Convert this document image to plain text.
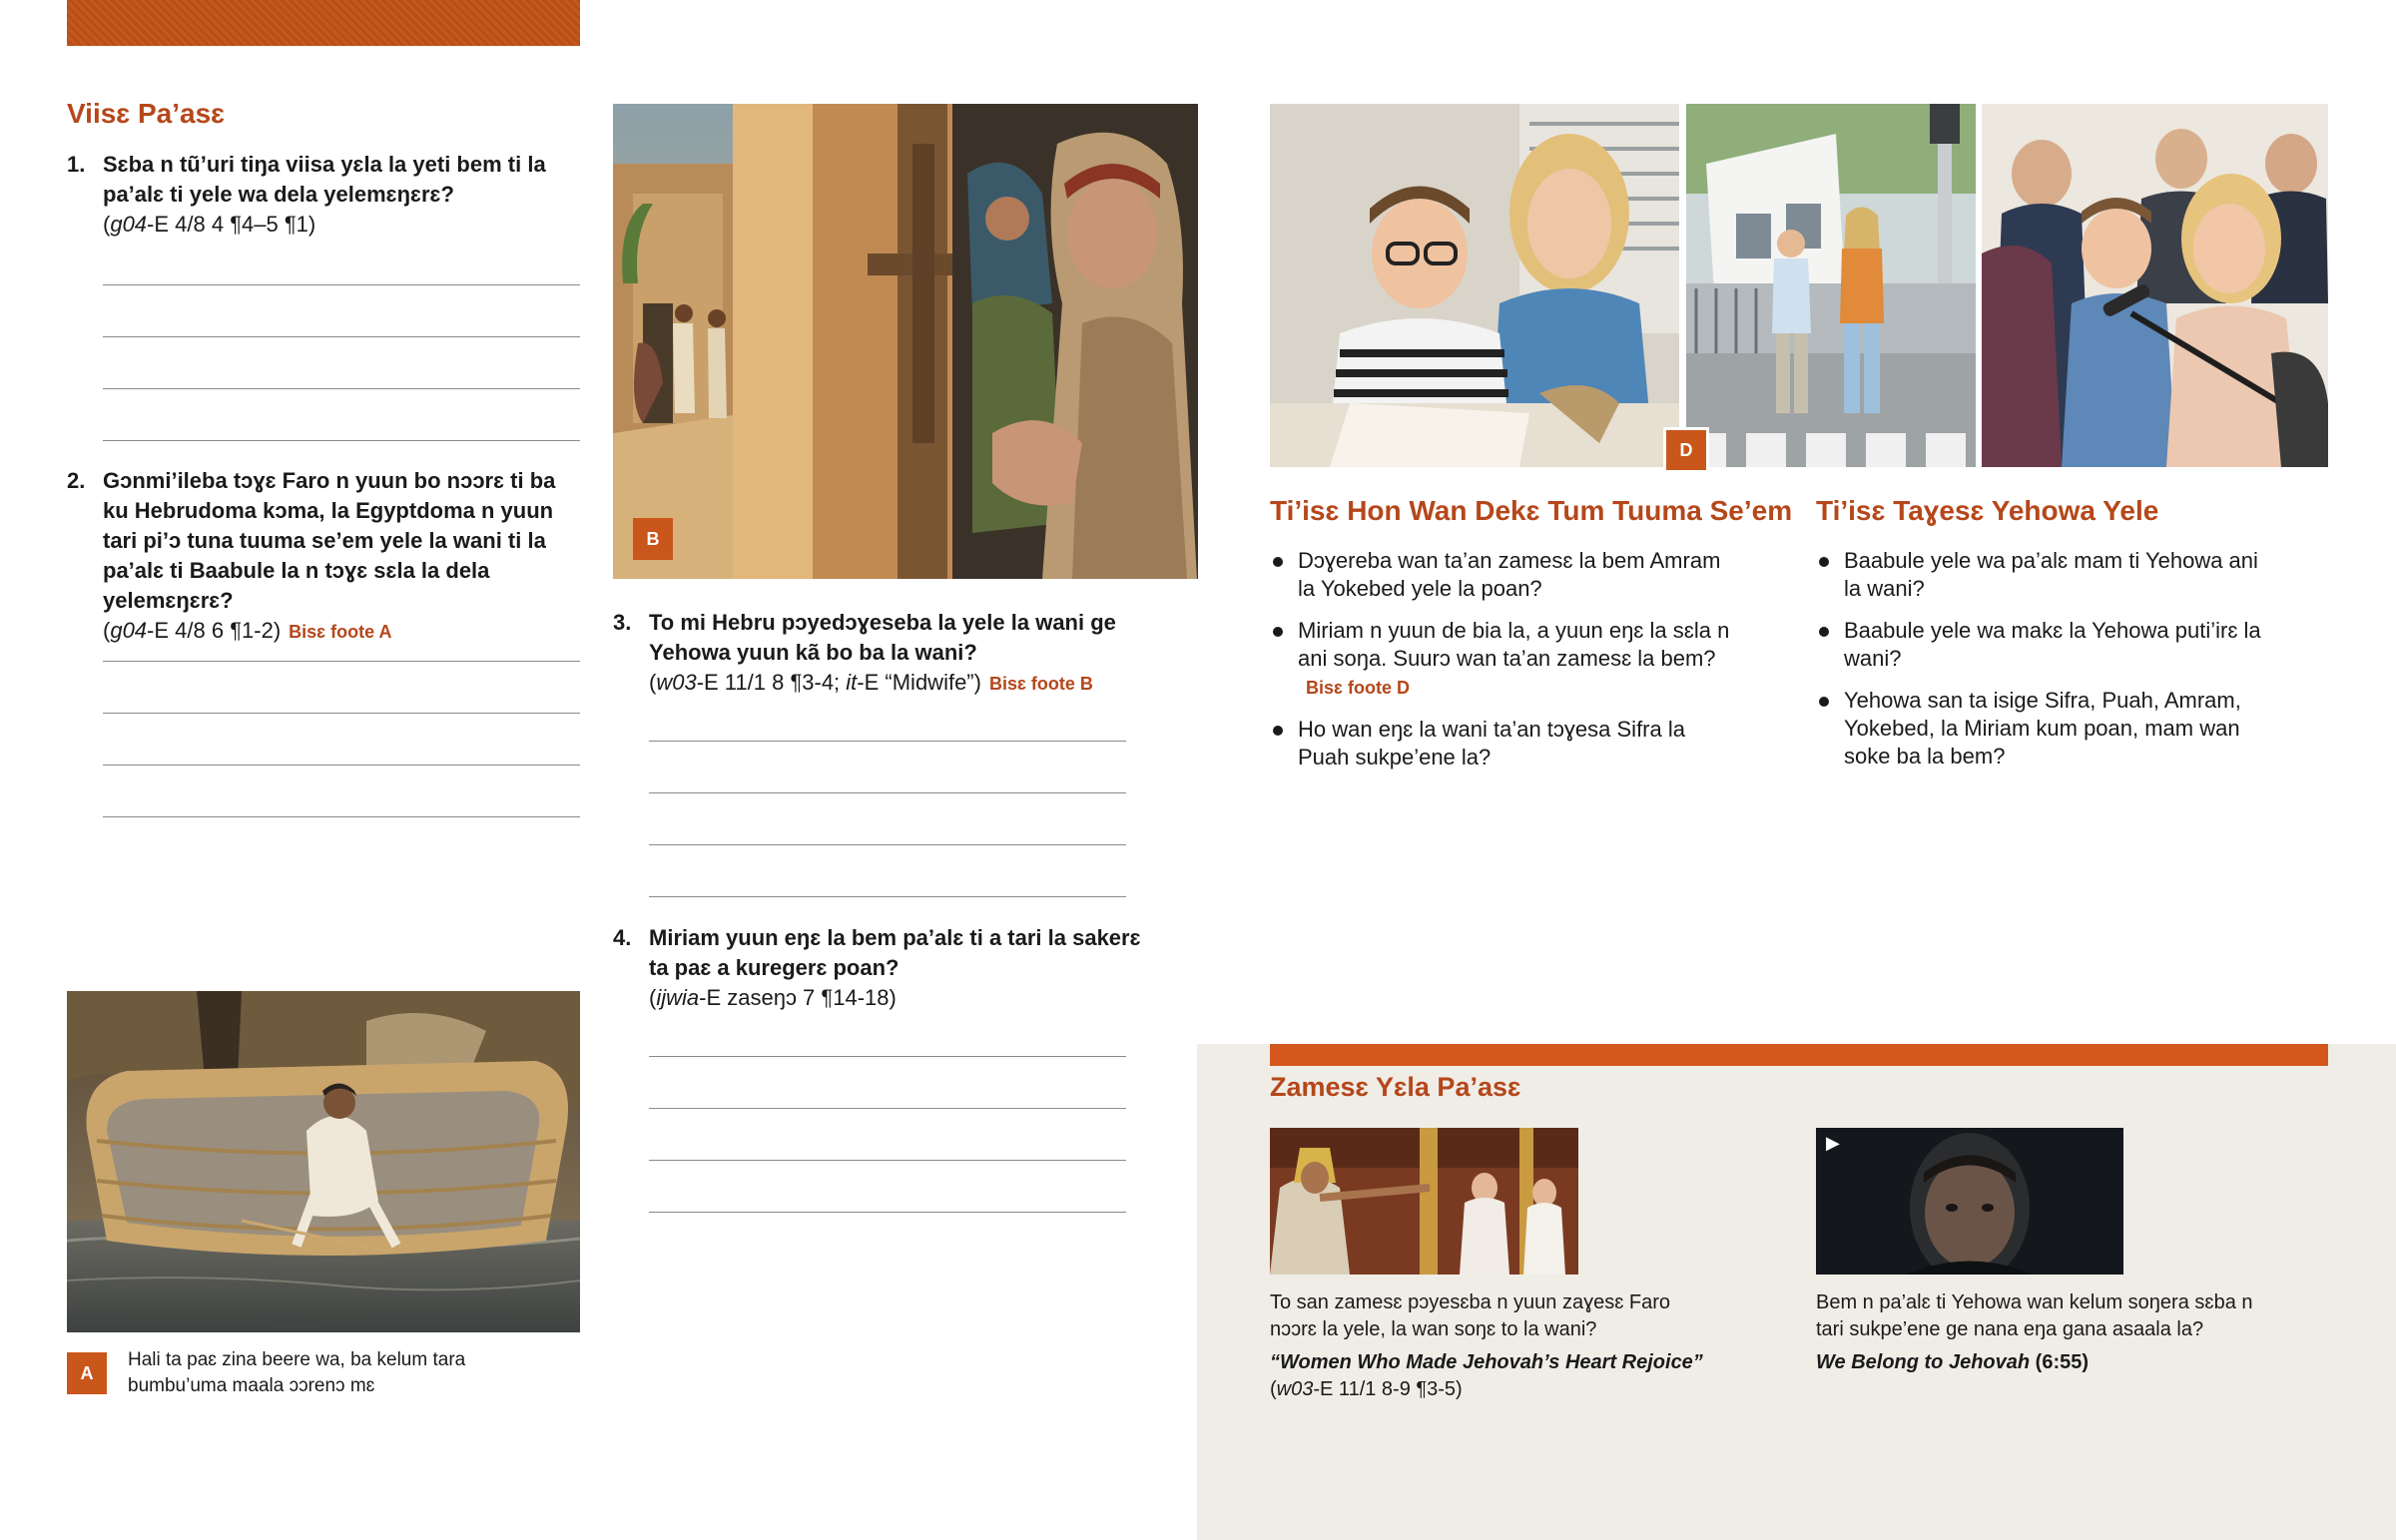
Viisɛ Pa’asɛ
1. Sɛba n tũ’uri tiŋa viisa yɛla la yeti bem ti la pa’alɛ ti yele wa dela yelemɛŋɛrɛ?
(g04-E 4/8 4 ¶4–5 ¶1)
2. Gɔnmi’ileba tɔɣɛ Faro n yuun bo nɔɔrɛ ti ba ku Hebrudoma kɔma, la Egyptdoma n yuun tari pi’ɔ tuna tuuma se’em yele la wani ti la pa’alɛ ti Baabule la n tɔɣɛ sɛla la dela yelemɛŋɛrɛ?
(g04-E 4/8 6 ¶1-2) Bisɛ foote A
A
Hali ta paɛ zina beere wa, ba kelum tara bumbu’uma maala ɔɔrenɔ mɛ
B
3. To mi Hebru pɔyedɔɣeseba la yele la wani ge Yehowa yuun kã bo ba la wani?
(w03-E 11/1 8 ¶3-4; it-E “Midwife”) Bisɛ foote B
4. Miriam yuun eŋɛ la bem pa’alɛ ti a tari la sakerɛ ta paɛ a kuregerɛ poan?
(ijwia-E zaseŋɔ 7 ¶14-18)
D
Ti’isɛ Hon Wan Dekɛ Tum Tuuma Se’em
Dɔɣereba wan ta’an zamesɛ la bem Amram la Yokebed yele la poan?
Miriam n yuun de bia la, a yuun eŋɛ la sɛla n ani soŋa. Suurɔ wan ta’an zamesɛ la bem?Bisɛ foote D
Ho wan eŋɛ la wani ta’an tɔɣesa Sifra la Puah sukpe’ene la?
Ti’isɛ Taɣesɛ Yehowa Yele
Baabule yele wa pa’alɛ mam ti Yehowa ani la wani?
Baabule yele wa makɛ la Yehowa puti’irɛ la wani?
Yehowa san ta isige Sifra, Puah, Amram, Yokebed, la Miriam kum poan, mam wan soke ba la bem?
Zamesɛ Yɛla Pa’asɛ
To san zamesɛ pɔyesɛba n yuun zaɣesɛ Faro nɔɔrɛ la yele, la wan soŋɛ to la wani?
“Women Who Made Jehovah’s Heart Rejoice”
(w03-E 11/1 8-9 ¶3-5)
▶
Bem n pa’alɛ ti Yehowa wan kelum soŋera sɛba n tari sukpe’ene ge nana eŋa gana asaala la?
We Belong to Jehovah (6:55)
